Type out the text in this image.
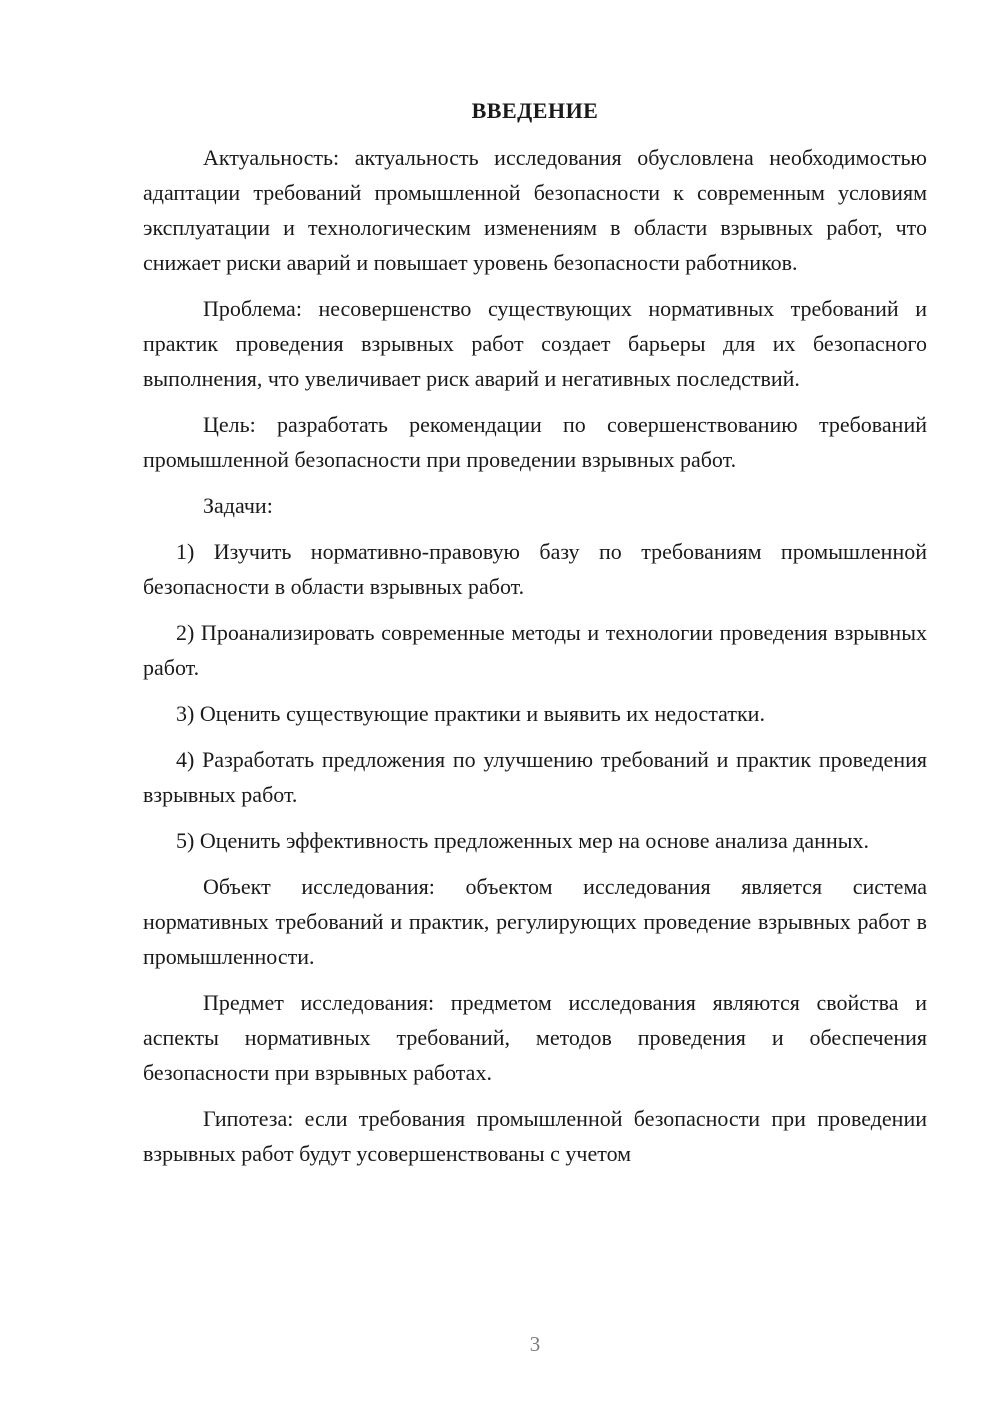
ВВЕДЕНИЕ

Актуальность: актуальность исследования обусловлена необходимостью адаптации требований промышленной безопасности к современным условиям эксплуатации и технологическим изменениям в области взрывных работ, что снижает риски аварий и повышает уровень безопасности работников.

Проблема: несовершенство существующих нормативных требований и практик проведения взрывных работ создает барьеры для их безопасного выполнения, что увеличивает риск аварий и негативных последствий.

Цель: разработать рекомендации по совершенствованию требований промышленной безопасности при проведении взрывных работ.

Задачи:

1) Изучить нормативно-правовую базу по требованиям промышленной безопасности в области взрывных работ.

2) Проанализировать современные методы и технологии проведения взрывных работ.

3) Оценить существующие практики и выявить их недостатки.

4) Разработать предложения по улучшению требований и практик проведения взрывных работ.

5) Оценить эффективность предложенных мер на основе анализа данных.

Объект исследования: объектом исследования является система нормативных требований и практик, регулирующих проведение взрывных работ в промышленности.

Предмет исследования: предметом исследования являются свойства и аспекты нормативных требований, методов проведения и обеспечения безопасности при взрывных работах.

Гипотеза: если требования промышленной безопасности при проведении взрывных работ будут усовершенствованы с учетом

3
